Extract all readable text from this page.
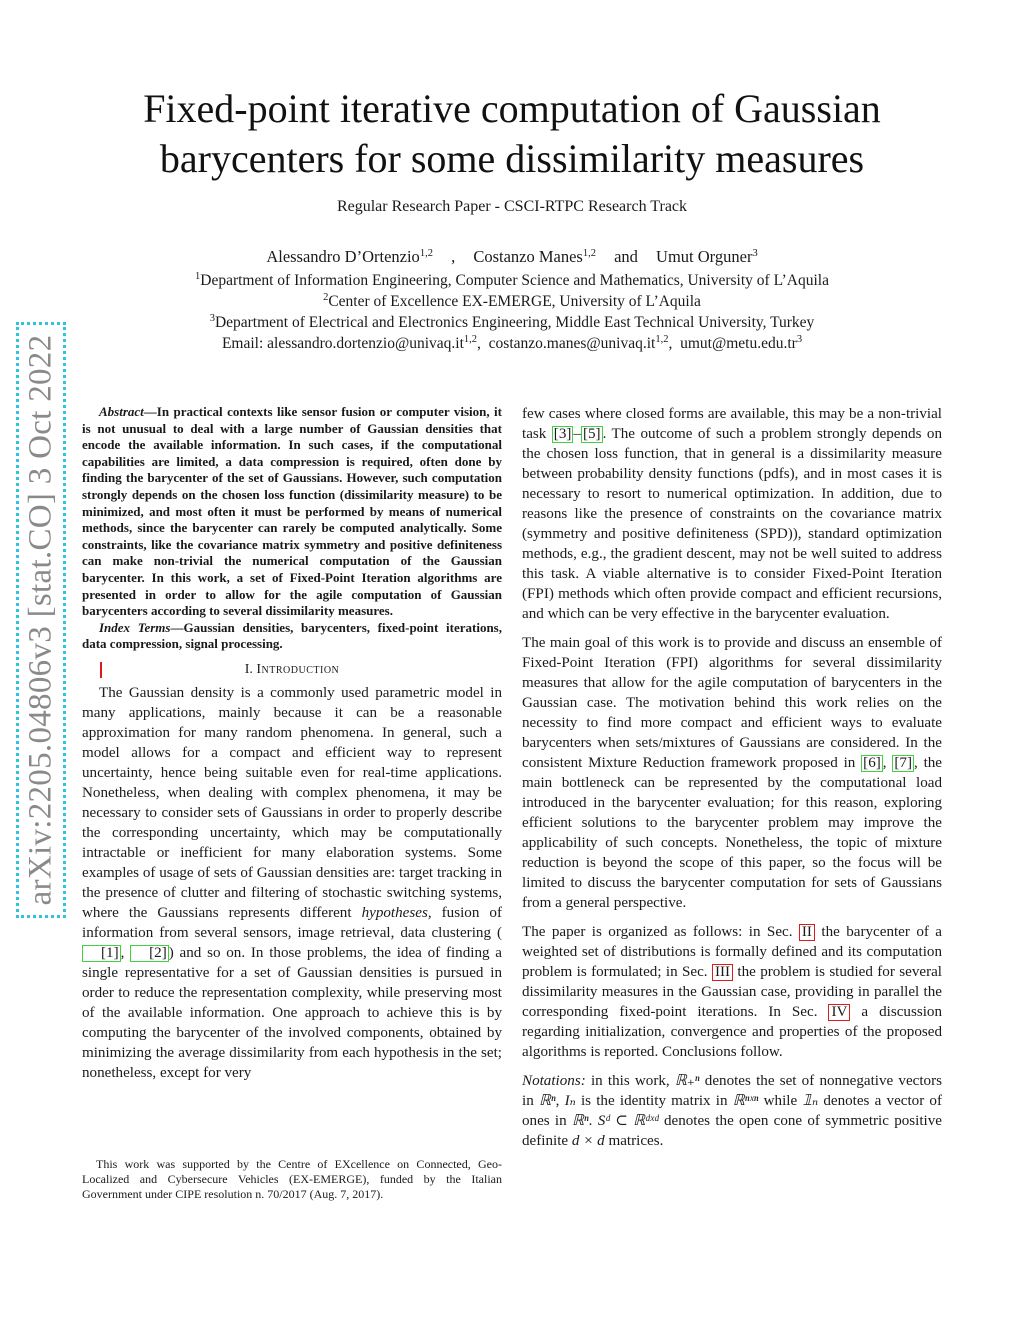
arXiv:2205.04806v3 [stat.CO] 3 Oct 2022
Fixed-point iterative computation of Gaussian
barycenters for some dissimilarity measures
Regular Research Paper - CSCI-RTPC Research Track
Alessandro D’Ortenzio$^{1,2}$ , Costanzo Manes$^{1,2}$ and Umut Orguner$^3$
$^1$Department of Information Engineering, Computer Science and Mathematics, University of L’Aquila
$^2$Center of Excellence EX-EMERGE, University of L’Aquila
$^3$Department of Electrical and Electronics Engineering, Middle East Technical University, Turkey
Email: alessandro.dortenzio@univaq.it$^{1,2}$,  costanzo.manes@univaq.it$^{1,2}$,  $umut@metu.edu.tr^3$

Abstract—In practical contexts like sensor fusion or computer vision, it is not unusual to deal with a large number of Gaussian densities that encode the available information. In such cases, if the computational capabilities are limited, a data compression is required, often done by finding the barycenter of the set of Gaussians. However, such computation strongly depends on the chosen loss function (dissimilarity measure) to be minimized, and most often it must be performed by means of numerical methods, since the barycenter can rarely be computed analytically. Some constraints, like the covariance matrix symmetry and positive definiteness can make non-trivial the numerical computation of the Gaussian barycenter. In this work, a set of Fixed-Point Iteration algorithms are presented in order to allow for the agile computation of Gaussian barycenters according to several dissimilarity measures.

Index Terms—Gaussian densities, barycenters, fixed-point iterations, data compression, signal processing.

I. Introduction

The Gaussian density is a commonly used parametric model in many applications, mainly because it can be a reasonable approximation for many random phenomena. In general, such a model allows for a compact and efficient way to represent uncertainty, hence being suitable even for real-time applications. Nonetheless, when dealing with complex phenomena, it may be necessary to consider sets of Gaussians in order to properly describe the corresponding uncertainty, which may be computationally intractable or inefficient for many elaboration systems. Some examples of usage of sets of Gaussian densities are: target tracking in the presence of clutter and filtering of stochastic switching systems, where the Gaussians represents different hypotheses, fusion of information from several sensors, image retrieval, data clustering ([1] , [2] ) and so on. In those problems, the idea of finding a single representative for a set of Gaussian densities is pursued in order to reduce the representation complexity, while preserving most of the available information. One approach to achieve this is by computing the barycenter of the involved components, obtained by minimizing the average dissimilarity from each hypothesis in the set; nonetheless, except for very

This work was supported by the Centre of EXcellence on Connected, Geo-Localized and Cybersecure Vehicles (EX-EMERGE), funded by the Italian Government under CIPE resolution n. 70/2017 (Aug. 7, 2017).

few cases where closed forms are available, this may be a non-trivial task [3] – [5] . The outcome of such a problem strongly depends on the chosen loss function, that in general is a dissimilarity measure between probability density functions (pdfs), and in most cases it is necessary to resort to numerical optimization. In addition, due to reasons like the presence of constraints on the covariance matrix (symmetry and positive definiteness (SPD)), standard optimization methods, e.g., the gradient descent, may not be well suited to address this task. A viable alternative is to consider Fixed-Point Iteration (FPI) methods which often provide compact and efficient recursions, and which can be very effective in the barycenter evaluation.

The main goal of this work is to provide and discuss an ensemble of Fixed-Point Iteration (FPI) algorithms for several dissimilarity measures that allow for the agile computation of barycenters in the Gaussian case. The motivation behind this work relies on the necessity to find more compact and efficient ways to evaluate barycenters when sets/mixtures of Gaussians are considered. In the consistent Mixture Reduction framework proposed in [6] , [7] , the main bottleneck can be represented by the computational load introduced in the barycenter evaluation; for this reason, exploring efficient solutions to the barycenter problem may improve the applicability of such concepts. Nonetheless, the topic of mixture reduction is beyond the scope of this paper, so the focus will be limited to discuss the barycenter computation for sets of Gaussians from a general perspective.

The paper is organized as follows: in Sec. II the barycenter of a weighted set of distributions is formally defined and its computation problem is formulated; in Sec. III the problem is studied for several dissimilarity measures in the Gaussian case, providing in parallel the corresponding fixed-point iterations. In Sec. IV a discussion regarding initialization, convergence and properties of the proposed algorithms is reported. Conclusions follow.

Notations: in this work, ℝ₊ⁿ denotes the set of nonnegative vectors in ℝⁿ, Iₙ is the identity matrix in ℝⁿˣⁿ while 𝟙ₙ denotes a vector of ones in ℝⁿ. Sᵈ ⊂ ℝᵈˣᵈ denotes the open cone of symmetric positive definite d × d matrices.
